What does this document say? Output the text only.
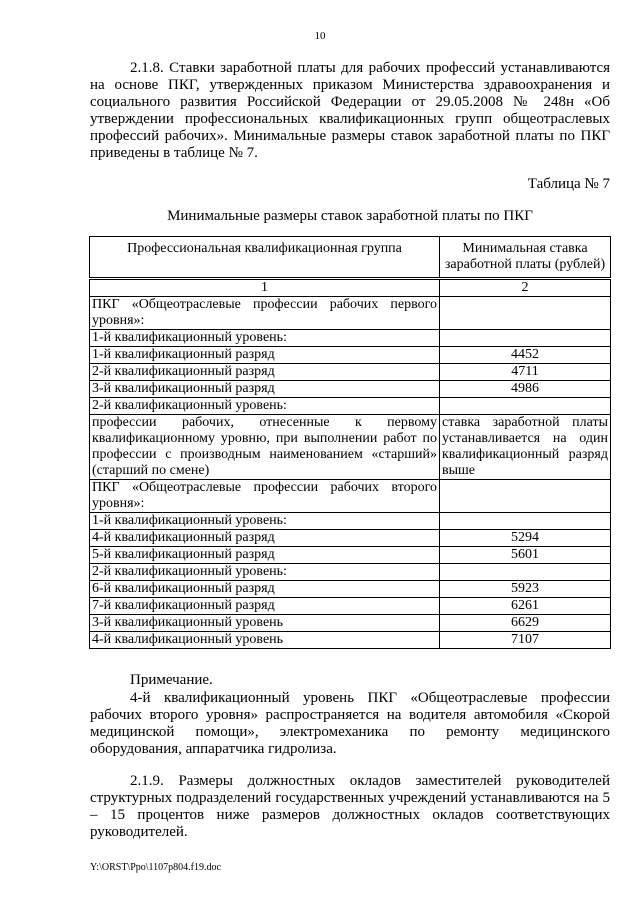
10

2.1.8. Ставки заработной платы для рабочих профессий устанавливаются на основе ПКГ, утвержденных приказом Министерства здравоохранения и социального развития Российской Федерации от 29.05.2008 № 248н «Об утверждении профессиональных квалификационных групп общеотраслевых профессий рабочих». Минимальные размеры ставок заработной платы по ПКГ приведены в таблице № 7.

Таблица № 7
Минимальные размеры ставок заработной платы по ПКГ
Профессиональная квалификационная группа	Минимальная ставка заработной платы (рублей)
1	2
ПКГ «Общеотраслевые профессии рабочих первого уровня»:	
1-й квалификационный уровень:	
1-й квалификационный разряд	4452
2-й квалификационный разряд	4711
3-й квалификационный разряд	4986
2-й квалификационный уровень:	
профессии рабочих, отнесенные к первому квалификационному уровню, при выполнении работ по профессии с производным наименованием «старший» (старший по смене)	ставка заработной платы устанавливается на один квалификационный разряд выше
ПКГ «Общеотраслевые профессии рабочих второго уровня»:	
1-й квалификационный уровень:	
4-й квалификационный разряд	5294
5-й квалификационный разряд	5601
2-й квалификационный уровень:	
6-й квалификационный разряд	5923
7-й квалификационный разряд	6261
3-й квалификационный уровень	6629
4-й квалификационный уровень	7107
Примечание.

4-й квалификационный уровень ПКГ «Общеотраслевые профессии рабочих второго уровня» распространяется на водителя автомобиля «Скорой медицинской помощи», электромеханика по ремонту медицинского оборудования, аппаратчика гидролиза.

2.1.9. Размеры должностных окладов заместителей руководителей структурных подразделений государственных учреждений устанавливаются на 5 – 15 процентов ниже размеров должностных окладов соответствующих руководителей.

Y:\ORST\Ppo\1107p804.f19.doc
